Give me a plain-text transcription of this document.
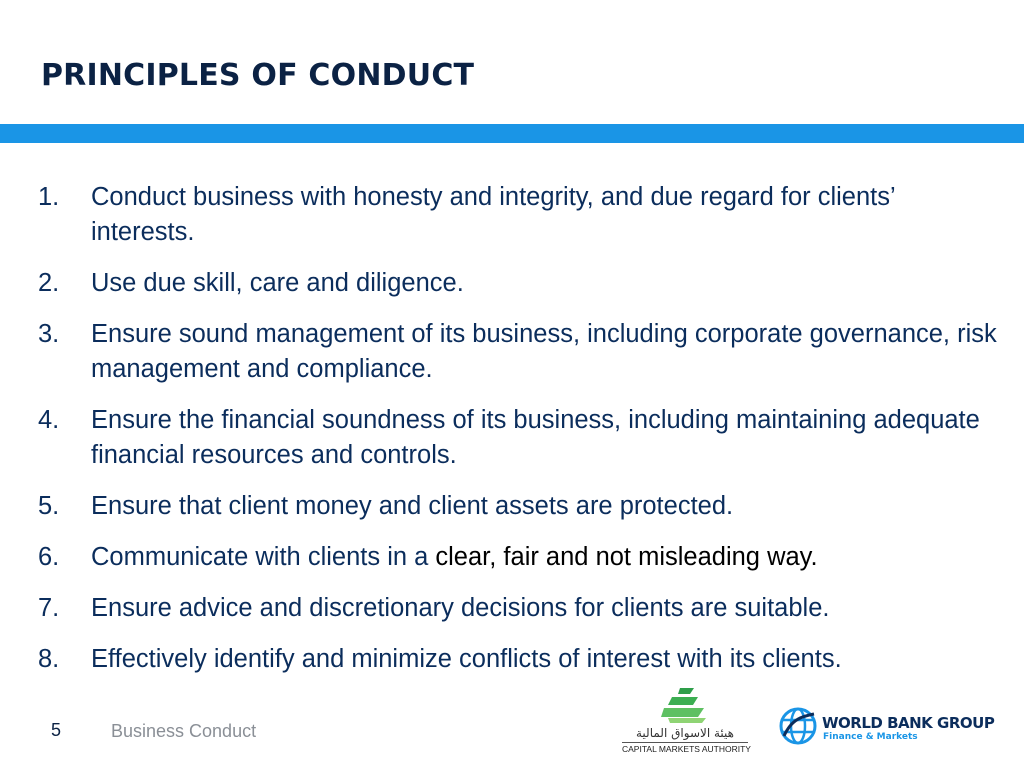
PRINCIPLES OF CONDUCT
1.	Conduct business with honesty and integrity, and due regard for clients’ interests.
2.	Use due skill, care and diligence.
3.	Ensure sound management of its business, including corporate governance, risk management and compliance.
4.	Ensure the financial soundness of its business, including maintaining adequate financial resources and controls.
5.	Ensure that client money and client assets are protected.
6.	Communicate with clients in a clear, fair and not misleading way.
7.	Ensure advice and discretionary decisions for clients are suitable.
8.	Effectively identify and minimize conflicts of interest with its clients.
5	Business Conduct	هيئة الاسواق المالية
CAPITAL MARKETS AUTHORITY
WORLD BANK GROUP
Finance & Markets
